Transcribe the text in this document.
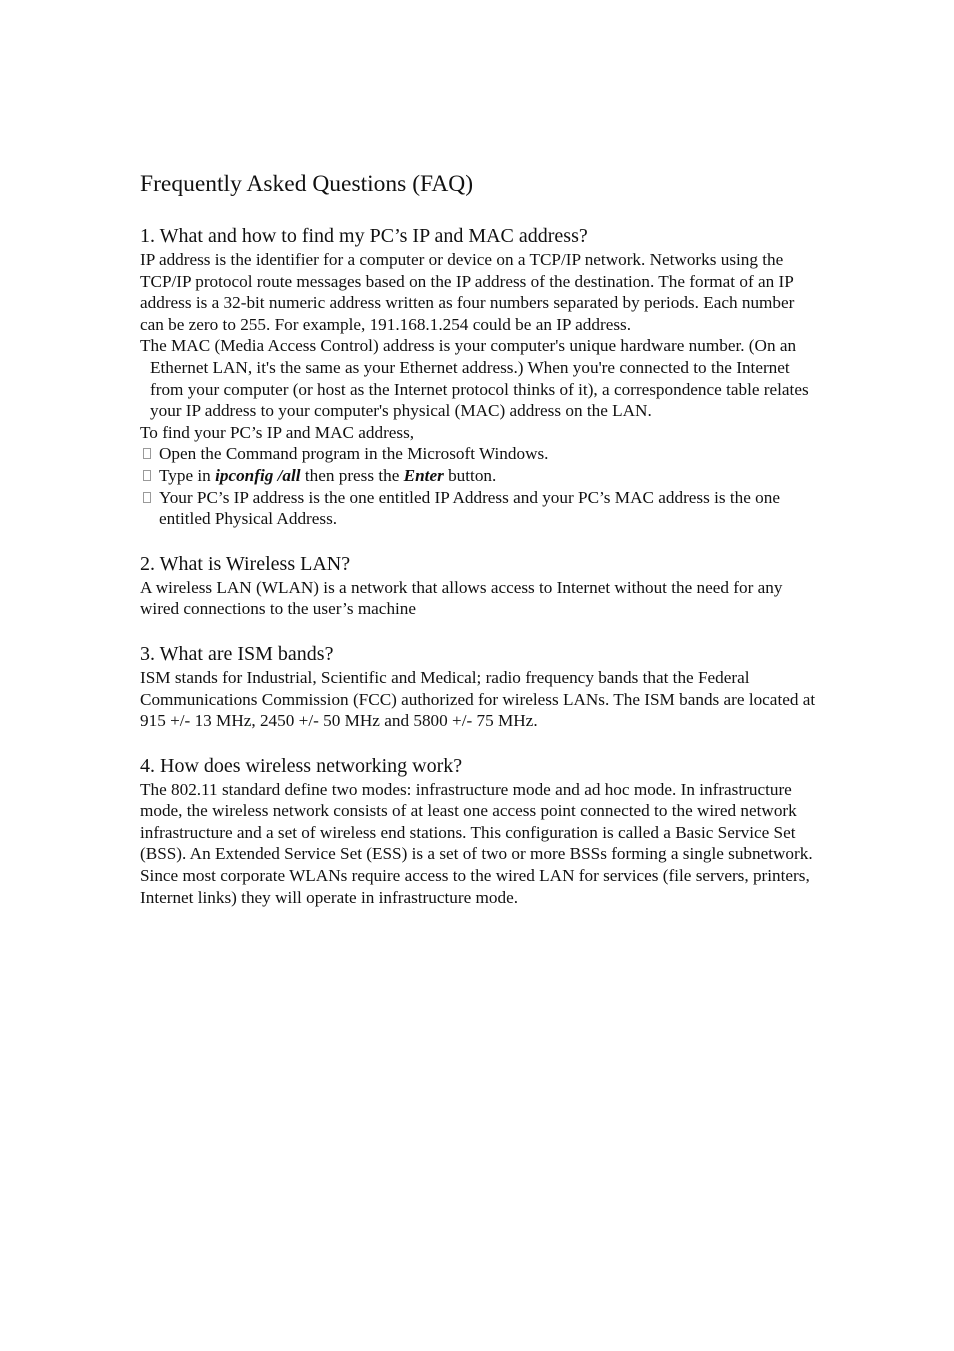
Frequently Asked Questions (FAQ)
1. What and how to find my PC’s IP and MAC address?

IP address is the identifier for a computer or device on a TCP/IP network. Networks using the TCP/IP protocol route messages based on the IP address of the destination. The format of an IP address is a 32-bit numeric address written as four numbers separated by periods. Each number can be zero to 255. For example, 191.168.1.254 could be an IP address.

The MAC (Media Access Control) address is your computer's unique hardware number. (On an Ethernet LAN, it's the same as your Ethernet address.) When you're connected to the Internet from your computer (or host as the Internet protocol thinks of it), a correspondence table relates your IP address to your computer's physical (MAC) address on the LAN.

To find your PC’s IP and MAC address,

Open the Command program in the Microsoft Windows.
Type in ipconfig /all then press the Enter button.
Your PC’s IP address is the one entitled IP Address and your PC’s MAC address is the one entitled Physical Address.
2. What is Wireless LAN?

A wireless LAN (WLAN) is a network that allows access to Internet without the need for any wired connections to the user’s machine

3. What are ISM bands?

ISM stands for Industrial, Scientific and Medical; radio frequency bands that the Federal Communications Commission (FCC) authorized for wireless LANs. The ISM bands are located at 915 +/- 13 MHz, 2450 +/- 50 MHz and 5800 +/- 75 MHz.

4. How does wireless networking work?

The 802.11 standard define two modes: infrastructure mode and ad hoc mode. In infrastructure mode, the wireless network consists of at least one access point connected to the wired network infrastructure and a set of wireless end stations. This configuration is called a Basic Service Set (BSS). An Extended Service Set (ESS) is a set of two or more BSSs forming a single subnetwork. Since most corporate WLANs require access to the wired LAN for services (file servers, printers, Internet links) they will operate in infrastructure mode.
